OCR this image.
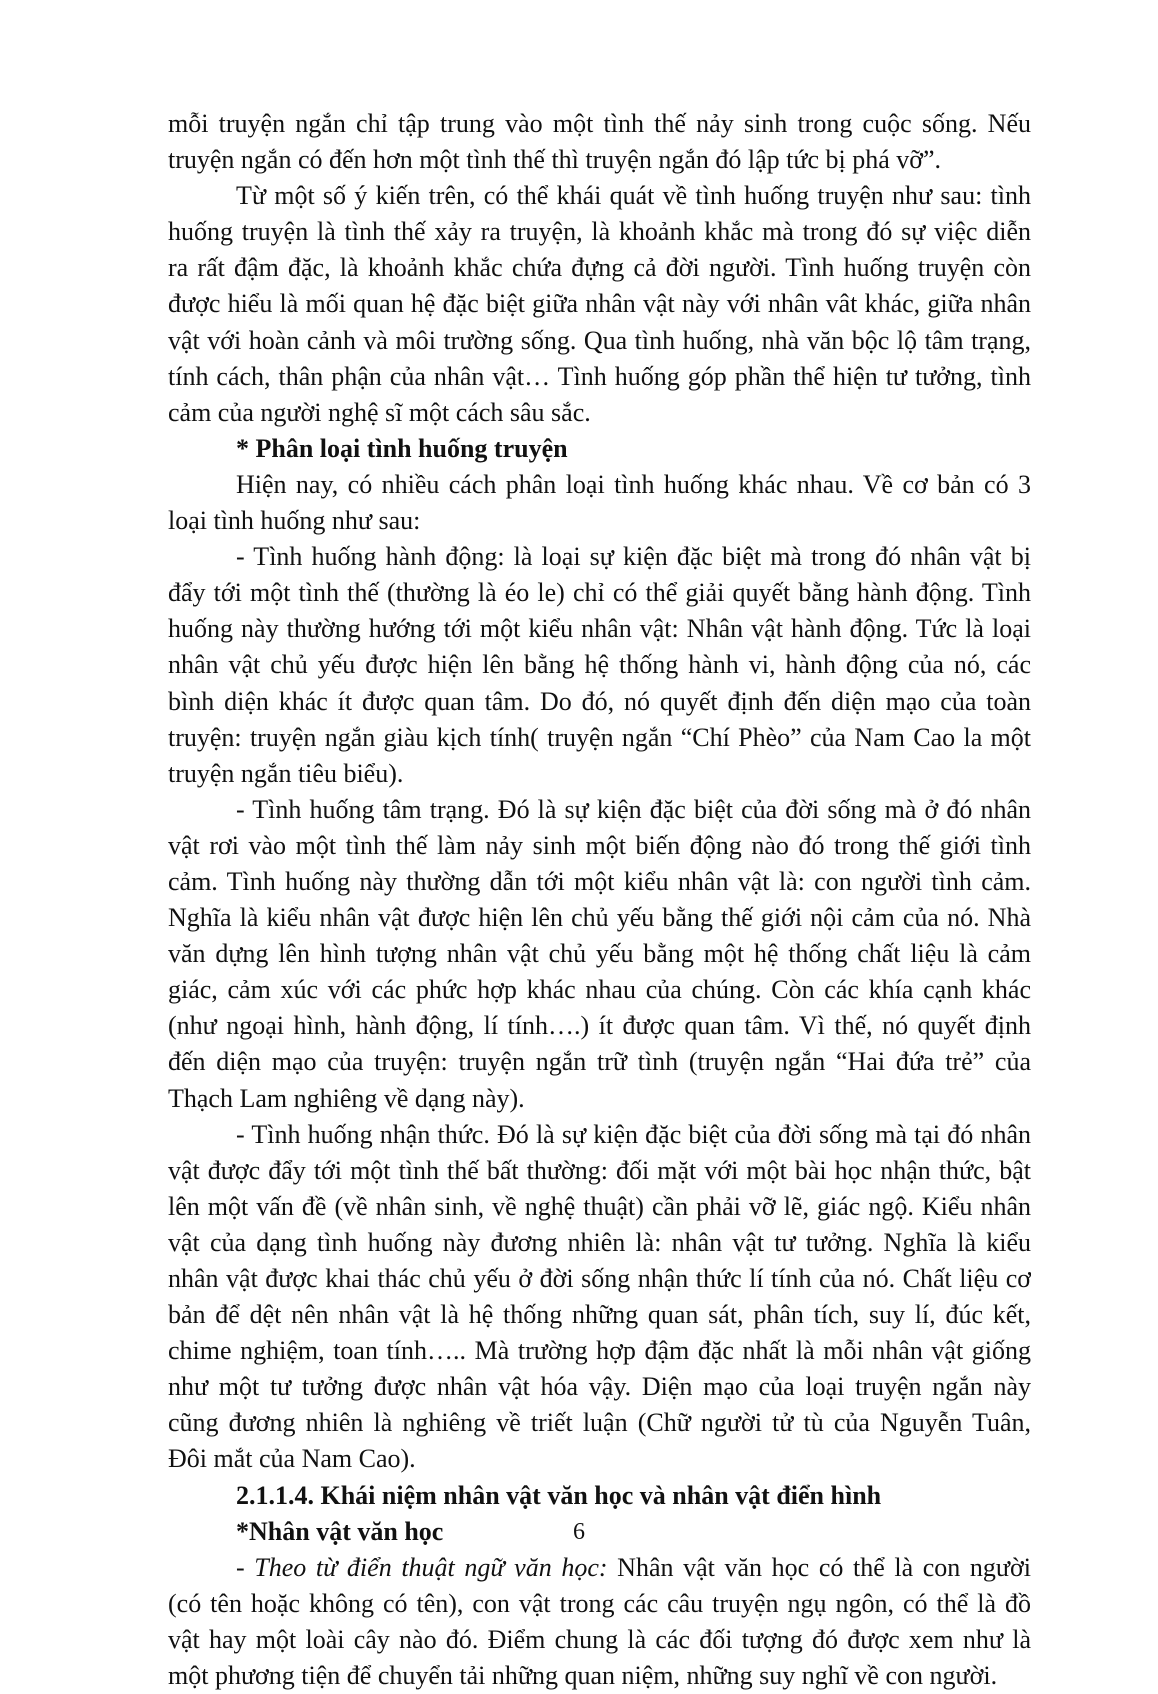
mỗi truyện ngắn chỉ tập trung vào một tình thế nảy sinh trong cuộc sống. Nếu
truyện ngắn có đến hơn một tình thế thì truyện ngắn đó lập tức bị phá vỡ”.
Từ một số ý kiến trên, có thể khái quát về tình huống truyện như sau: tình
huống truyện là tình thế xảy ra truyện, là khoảnh khắc mà trong đó sự việc diễn
ra rất đậm đặc, là khoảnh khắc chứa đựng cả đời người. Tình huống truyện còn
được hiểu là mối quan hệ đặc biệt giữa nhân vật này với nhân vât khác, giữa nhân
vật với hoàn cảnh và môi trường sống. Qua tình huống, nhà văn bộc lộ tâm trạng,
tính cách, thân phận của nhân vật… Tình huống góp phần thể hiện tư tưởng, tình
cảm của người nghệ sĩ một cách sâu sắc.
* Phân loại tình huống truyện
Hiện nay, có nhiều cách phân loại tình huống khác nhau. Về cơ bản có 3
loại tình huống như sau:
- Tình huống hành động: là loại sự kiện đặc biệt mà trong đó nhân vật bị
đẩy tới một tình thế (thường là éo le) chỉ có thể giải quyết bằng hành động. Tình
huống này thường hướng tới một kiểu nhân vật: Nhân vật hành động. Tức là loại
nhân vật chủ yếu được hiện lên bằng hệ thống hành vi, hành động của nó, các
bình diện khác ít được quan tâm. Do đó, nó quyết định đến diện mạo của toàn
truyện: truyện ngắn giàu kịch tính( truyện ngắn “Chí Phèo” của Nam Cao la một
truyện ngắn tiêu biểu).
- Tình huống tâm trạng. Đó là sự kiện đặc biệt của đời sống mà ở đó nhân
vật rơi vào một tình thế làm nảy sinh một biến động nào đó trong thế giới tình
cảm. Tình huống này thường dẫn tới một kiểu nhân vật là: con người tình cảm.
Nghĩa là kiểu nhân vật được hiện lên chủ yếu bằng thế giới nội cảm của nó. Nhà
văn dựng lên hình tượng nhân vật chủ yếu bằng một hệ thống chất liệu là cảm
giác, cảm xúc với các phức hợp khác nhau của chúng. Còn các khía cạnh khác
(như ngoại hình, hành động, lí tính….) ít được quan tâm. Vì thế, nó quyết định
đến diện mạo của truyện: truyện ngắn trữ tình (truyện ngắn “Hai đứa trẻ” của
Thạch Lam nghiêng về dạng này).
- Tình huống nhận thức. Đó là sự kiện đặc biệt của đời sống mà tại đó nhân
vật được đẩy tới một tình thế bất thường: đối mặt với một bài học nhận thức, bật
lên một vấn đề (về nhân sinh, về nghệ thuật) cần phải vỡ lẽ, giác ngộ. Kiểu nhân
vật của dạng tình huống này đương nhiên là: nhân vật tư tưởng. Nghĩa là kiểu
nhân vật được khai thác chủ yếu ở đời sống nhận thức lí tính của nó. Chất liệu cơ
bản để dệt nên nhân vật là hệ thống những quan sát, phân tích, suy lí, đúc kết,
chime nghiệm, toan tính….. Mà trường hợp đậm đặc nhất là mỗi nhân vật giống
như một tư tưởng được nhân vật hóa vậy. Diện mạo của loại truyện ngắn này
cũng đương nhiên là nghiêng về triết luận (Chữ người tử tù của Nguyễn Tuân,
Đôi mắt của Nam Cao).
2.1.1.4. Khái niệm nhân vật văn học và nhân vật điển hình
*Nhân vật văn học
- Theo từ điển thuật ngữ văn học: Nhân vật văn học có thể là con người
(có tên hoặc không có tên), con vật trong các câu truyện ngụ ngôn, có thể là đồ
vật hay một loài cây nào đó. Điểm chung là các đối tượng đó được xem như là
một phương tiện để chuyển tải những quan niệm, những suy nghĩ về con người.
6
